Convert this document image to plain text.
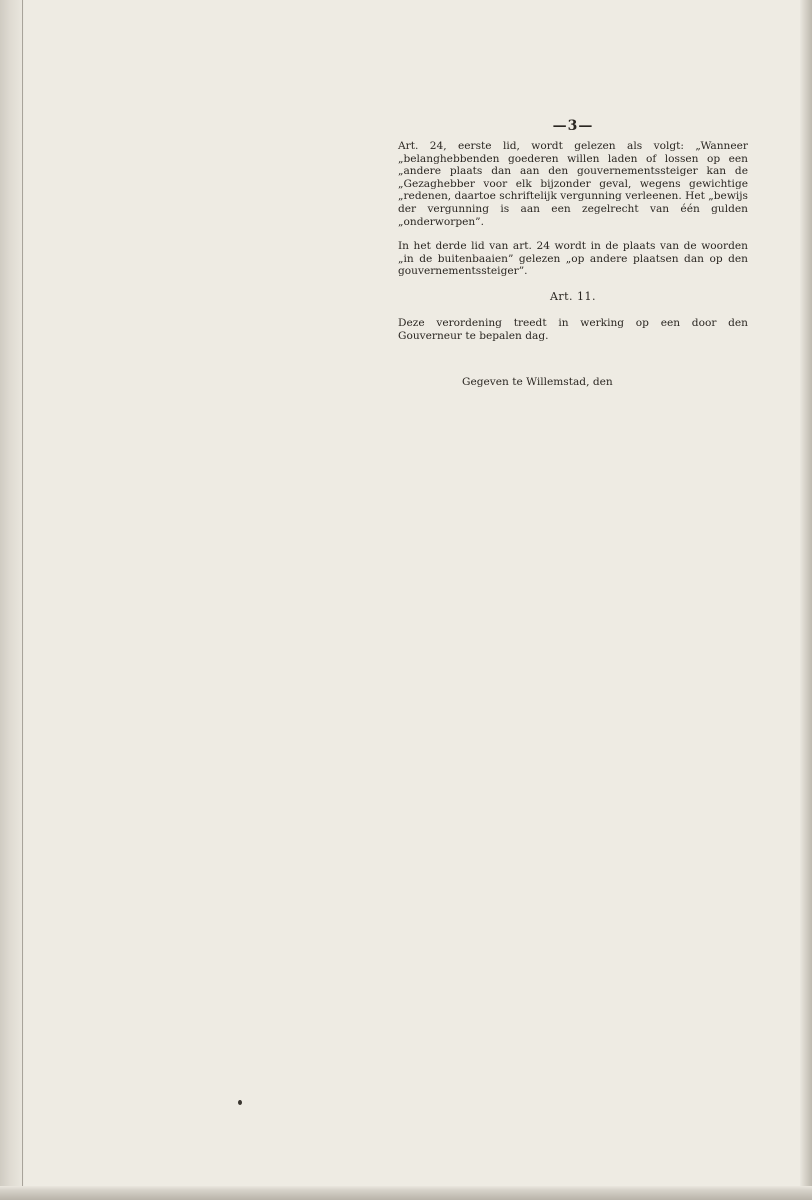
—3—

Art. 24, eerste lid, wordt gelezen als volgt: „Wanneer „belanghebbenden goederen willen laden of lossen op een „andere plaats dan aan den gouvernementssteiger kan de „Gezaghebber voor elk bijzonder geval, wegens gewichtige „redenen, daartoe schriftelijk vergunning verleenen. Het „bewijs der vergunning is aan een zegelrecht van één gulden „onderworpen”.

In het derde lid van art. 24 wordt in de plaats van de woorden „in de buitenbaaien” gelezen „op andere plaatsen dan op den gouvernementssteiger”.

Art. 11.

Deze verordening treedt in werking op een door den Gouverneur te bepalen dag.

Gegeven te Willemstad, den
